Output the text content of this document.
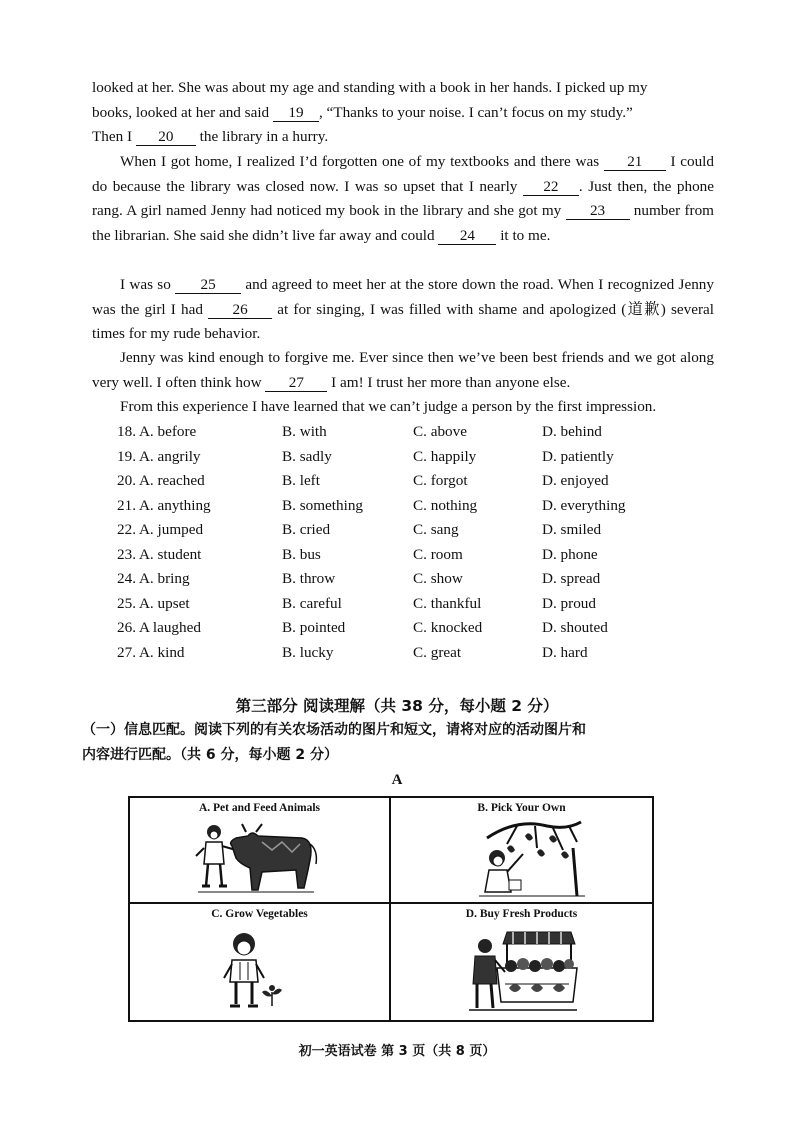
looked at her. She was about my age and standing with a book in her hands. I picked up my
books, looked at her and said 19 , “Thanks to your noise. I can’t focus on my study.”
Then I 20 the library in a hurry.

When I got home, I realized I’d forgotten one of my textbooks and there was 21 I could do because the library was closed now. I was so upset that I nearly 22 . Just then, the phone rang. A girl named Jenny had noticed my book in the library and she got my 23 number from the librarian. She said she didn’t live far away and could 24 it to me.

I was so 25 and agreed to meet her at the store down the road. When I recognized Jenny was the girl I had 26 at for singing, I was filled with shame and apologized (道歉) several times for my rude behavior.

Jenny was kind enough to forgive me. Ever since then we’ve been best friends and we got along very well. I often think how 27 I am! I trust her more than anyone else.

From this experience I have learned that we can’t judge a person by the first impression.

18. A. before	B. with	C. above	D. behind
19. A. angrily	B. sadly	C. happily	D. patiently
20. A. reached	B. left	C. forgot	D. enjoyed
21. A. anything	B. something	C. nothing	D. everything
22. A. jumped	B. cried	C. sang	D. smiled
23. A. student	B. bus	C. room	D. phone
24. A. bring	B. throw	C. show	D. spread
25. A. upset	B. careful	C. thankful	D. proud
26. A laughed	B. pointed	C. knocked	D. shouted
27. A. kind	B. lucky	C. great	D. hard
第三部分 阅读理解（共 38 分，每小题 2 分）

（一）信息匹配。阅读下列的有关农场活动的图片和短文，请将对应的活动图片和
内容进行匹配。（共 6 分，每小题 2 分）

A
A. Pet and Feed Animals	B. Pick Your Own
C. Grow Vegetables	D. Buy Fresh Products
初一英语试卷 第 3 页（共 8 页）
